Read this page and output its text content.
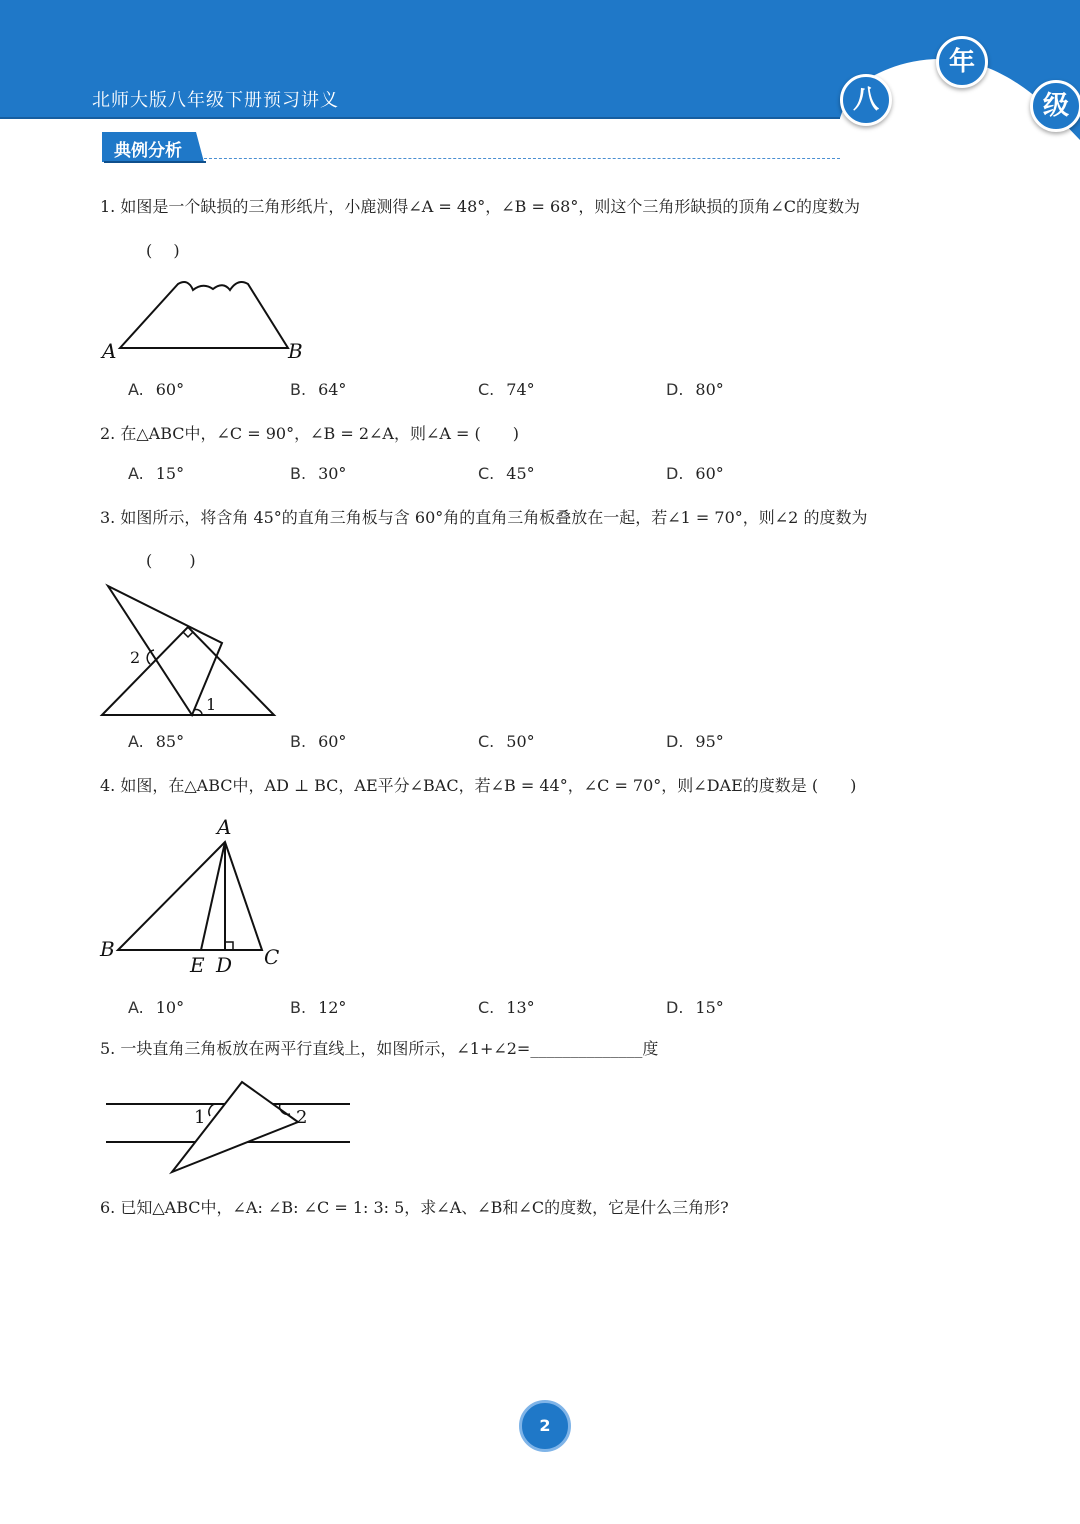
北师大版八年级下册预习讲义	八
年
级
典例分析
1. 如图是一个缺损的三角形纸片，小鹿测得∠A = 48°，∠B = 68°，则这个三角形缺损的顶角∠C的度数为
(　 )
A	B
A. 60°	B. 64°	C. 74°	D. 80°
2. 在△ABC中，∠C = 90°，∠B = 2∠A，则∠A = (　　)
A. 15°	B. 30°	C. 45°	D. 60°
3. 如图所示，将含角 45°的直角三角板与含 60°角的直角三角板叠放在一起，若∠1 = 70°，则∠2 的度数为
(　　 )
2
1
A. 85°	B. 60°	C. 50°	D. 95°
4. 如图，在△ABC中，AD ⊥ BC，AE平分∠BAC，若∠B = 44°，∠C = 70°，则∠DAE的度数是 (　　)
A
B
E D C
A. 10°	B. 12°	C. 13°	D. 15°
5. 一块直角三角板放在两平行直线上，如图所示，∠1+∠2=______________度
1	2
6. 已知△ABC中，∠A: ∠B: ∠C = 1: 3: 5，求∠A、∠B和∠C的度数，它是什么三角形?
2
